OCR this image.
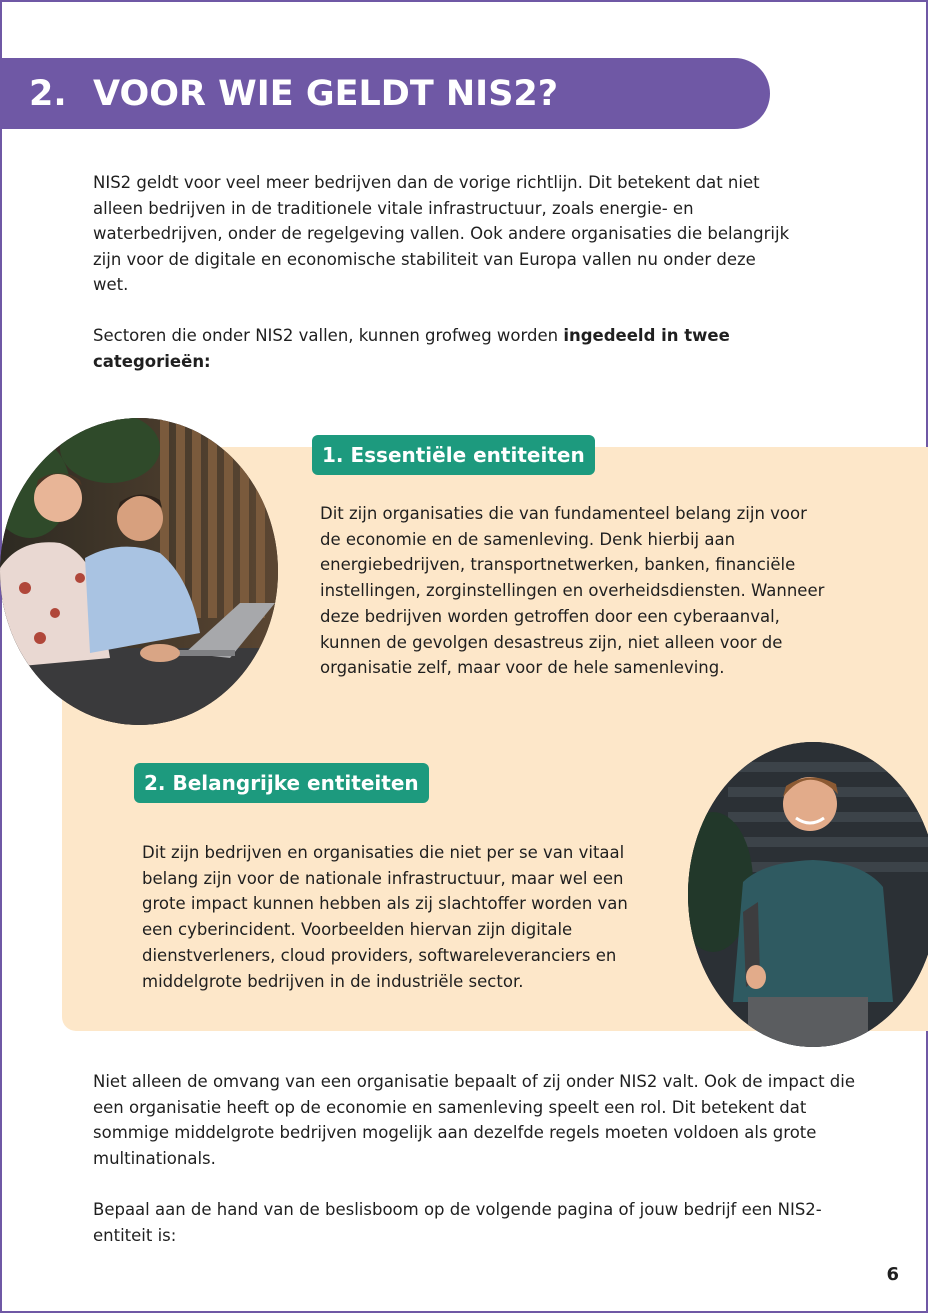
2. VOOR WIE GELDT NIS2?

NIS2 geldt voor veel meer bedrijven dan de vorige richtlijn. Dit betekent dat niet alleen bedrijven in de traditionele vitale infrastructuur, zoals energie- en waterbedrijven, onder de regelgeving vallen. Ook andere organisaties die belangrijk zijn voor de digitale en economische stabiliteit van Europa vallen nu onder deze wet.

Sectoren die onder NIS2 vallen, kunnen grofweg worden ingedeeld in twee categorieën:

1. Essentiële entiteiten

Dit zijn organisaties die van fundamenteel belang zijn voor de economie en de samenleving. Denk hierbij aan energiebedrijven, transportnetwerken, banken, financiële instellingen, zorginstellingen en overheidsdiensten. Wanneer deze bedrijven worden getroffen door een cyberaanval, kunnen de gevolgen desastreus zijn, niet alleen voor de organisatie zelf, maar voor de hele samenleving.

2. Belangrijke entiteiten

Dit zijn bedrijven en organisaties die niet per se van vitaal belang zijn voor de nationale infrastructuur, maar wel een grote impact kunnen hebben als zij slachtoffer worden van een cyberincident. Voorbeelden hiervan zijn digitale dienstverleners, cloud providers, softwareleveranciers en middelgrote bedrijven in de industriële sector.

Niet alleen de omvang van een organisatie bepaalt of zij onder NIS2 valt. Ook de impact die een organisatie heeft op de economie en samenleving speelt een rol. Dit betekent dat sommige middelgrote bedrijven mogelijk aan dezelfde regels moeten voldoen als grote multinationals.

Bepaal aan de hand van de beslisboom op de volgende pagina of jouw bedrijf een NIS2-entiteit is:

6
